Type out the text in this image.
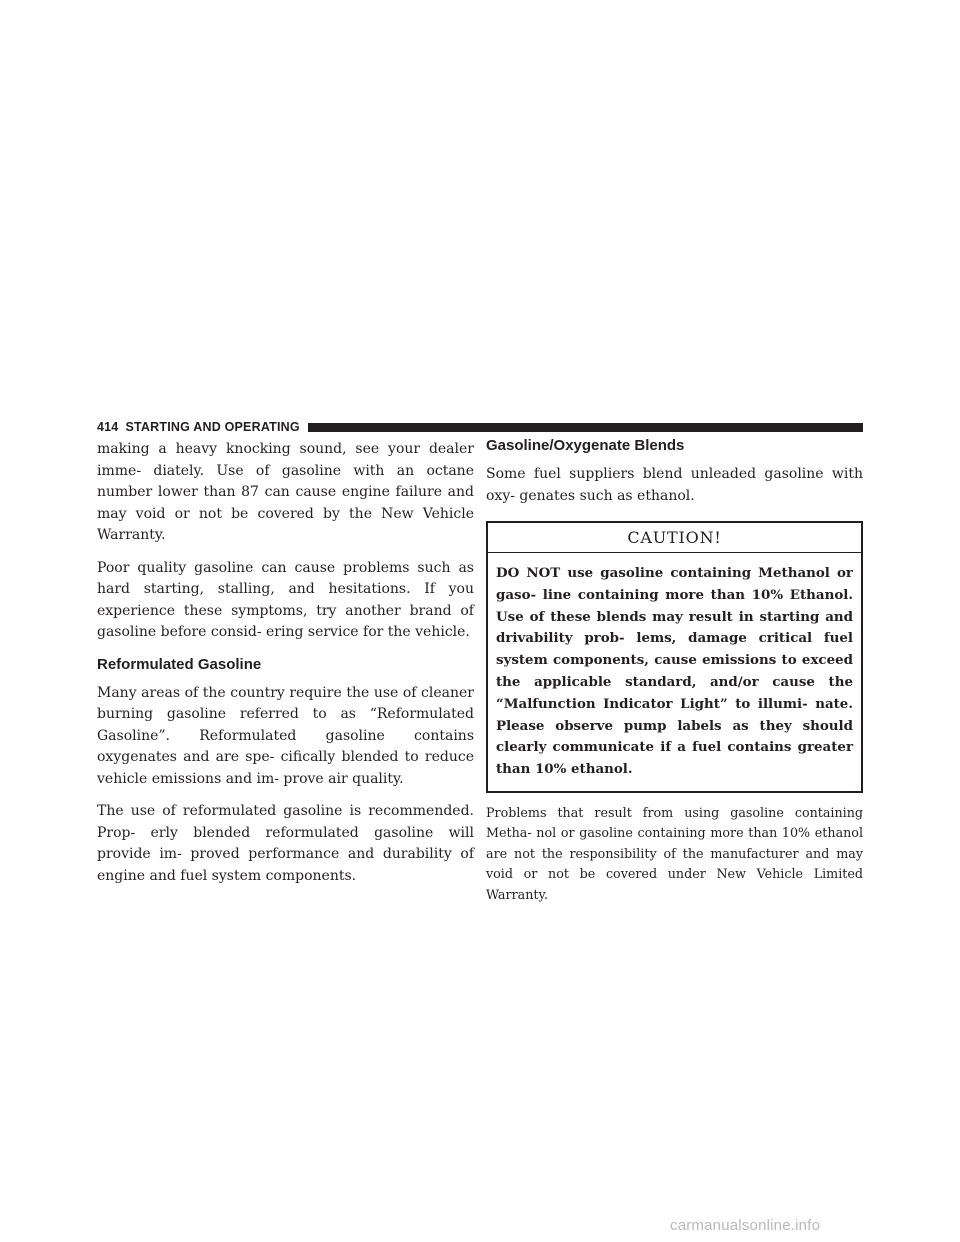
414 STARTING AND OPERATING

making a heavy knocking sound, see your dealer imme- diately. Use of gasoline with an octane number lower than 87 can cause engine failure and may void or not be covered by the New Vehicle Warranty.

Poor quality gasoline can cause problems such as hard starting, stalling, and hesitations. If you experience these symptoms, try another brand of gasoline before consid- ering service for the vehicle.

Reformulated Gasoline

Many areas of the country require the use of cleaner burning gasoline referred to as “Reformulated Gasoline”. Reformulated gasoline contains oxygenates and are spe- cifically blended to reduce vehicle emissions and im- prove air quality.

The use of reformulated gasoline is recommended. Prop- erly blended reformulated gasoline will provide im- proved performance and durability of engine and fuel system components.

Gasoline/Oxygenate Blends

Some fuel suppliers blend unleaded gasoline with oxy- genates such as ethanol.

CAUTION!

DO NOT use gasoline containing Methanol or gaso- line containing more than 10% Ethanol. Use of these blends may result in starting and drivability prob- lems, damage critical fuel system components, cause emissions to exceed the applicable standard, and/or cause the “Malfunction Indicator Light” to illumi- nate. Please observe pump labels as they should clearly communicate if a fuel contains greater than 10% ethanol.

Problems that result from using gasoline containing Metha- nol or gasoline containing more than 10% ethanol are not the responsibility of the manufacturer and may void or not be covered under New Vehicle Limited Warranty.

carmanualsonline.info
